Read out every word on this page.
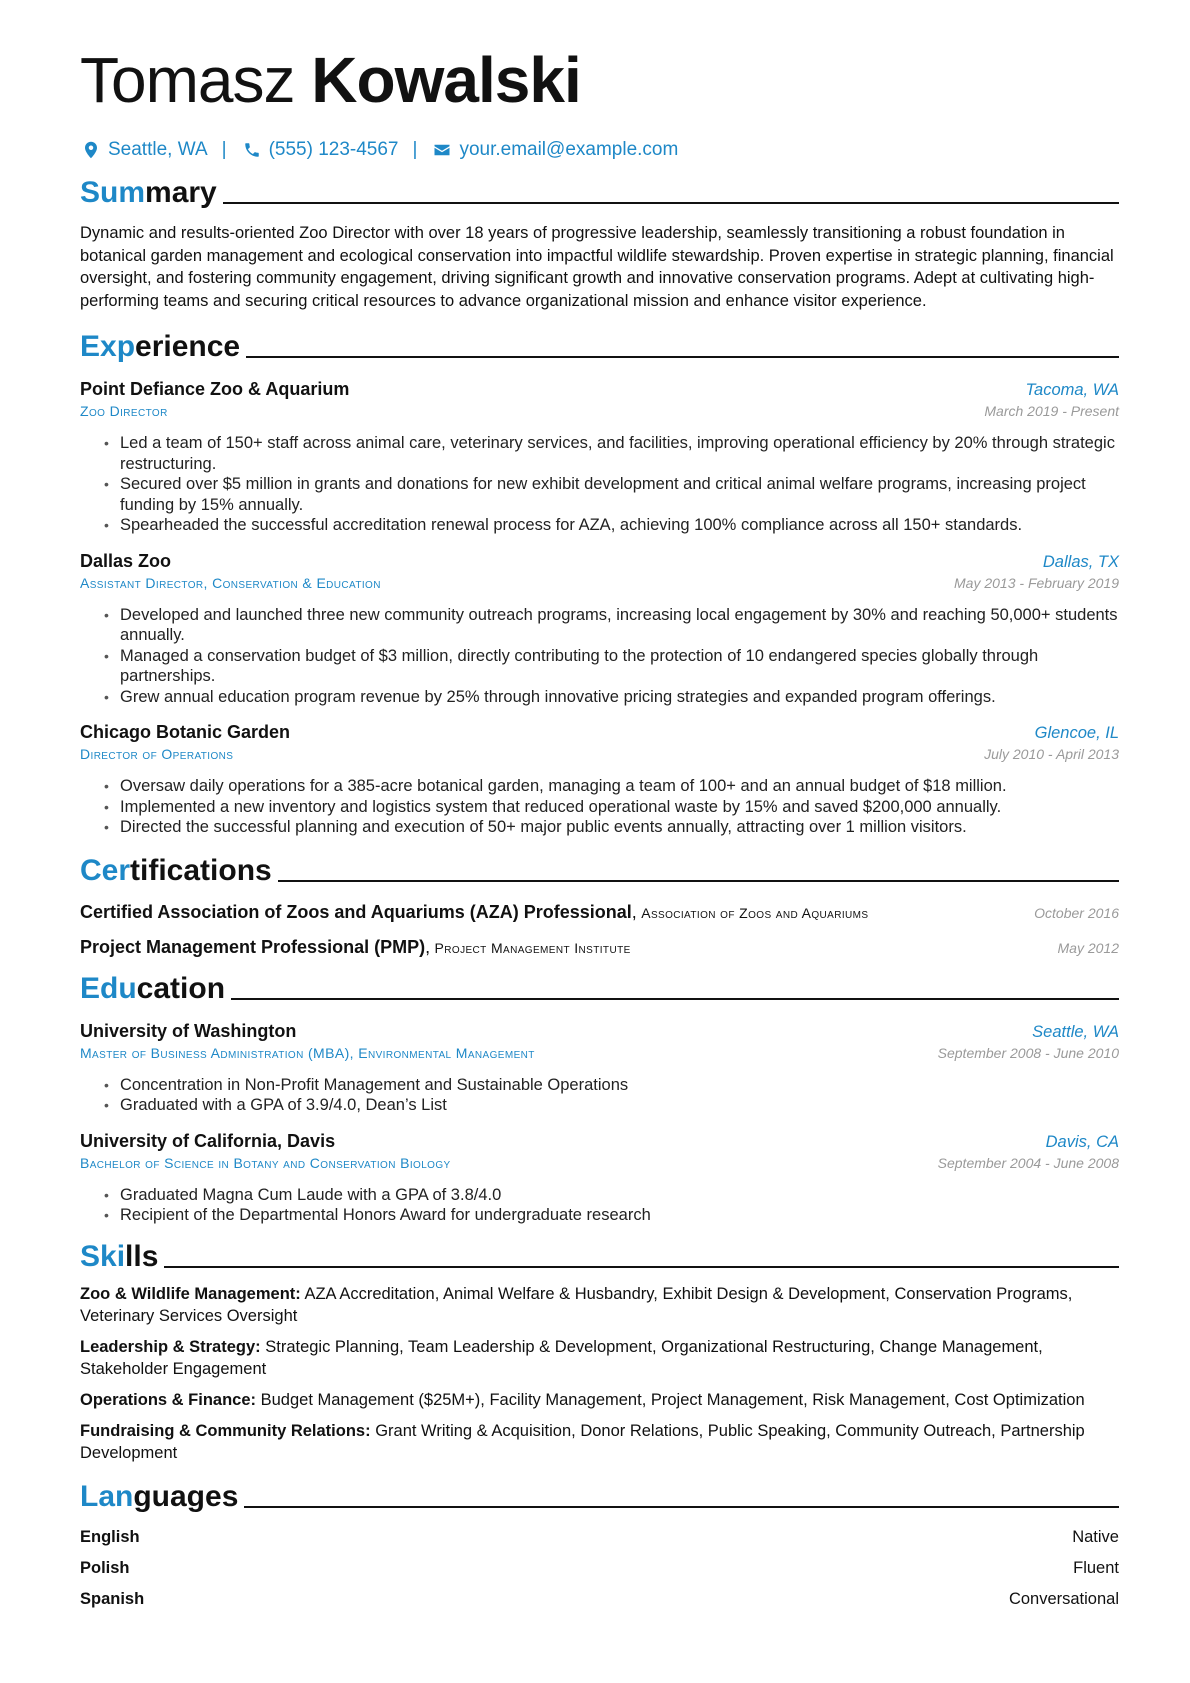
Tomasz Kowalski
Seattle, WA | (555) 123-4567 | your.email@example.com
Summary

Dynamic and results-oriented Zoo Director with over 18 years of progressive leadership, seamlessly transitioning a robust foundation in botanical garden management and ecological conservation into impactful wildlife stewardship. Proven expertise in strategic planning, financial oversight, and fostering community engagement, driving significant growth and innovative conservation programs. Adept at cultivating high-performing teams and securing critical resources to advance organizational mission and enhance visitor experience.

Experience
Point Defiance Zoo & Aquarium	Tacoma, WA
Zoo Director	March 2019 - Present
• Led a team of 150+ staff across animal care, veterinary services, and facilities, improving operational efficiency by 20% through strategic restructuring.
• Secured over $5 million in grants and donations for new exhibit development and critical animal welfare programs, increasing project funding by 15% annually.
• Spearheaded the successful accreditation renewal process for AZA, achieving 100% compliance across all 150+ standards.
Dallas Zoo	Dallas, TX
Assistant Director, Conservation & Education	May 2013 - February 2019
• Developed and launched three new community outreach programs, increasing local engagement by 30% and reaching 50,000+ students annually.
• Managed a conservation budget of $3 million, directly contributing to the protection of 10 endangered species globally through partnerships.
• Grew annual education program revenue by 25% through innovative pricing strategies and expanded program offerings.
Chicago Botanic Garden	Glencoe, IL
Director of Operations	July 2010 - April 2013
• Oversaw daily operations for a 385-acre botanical garden, managing a team of 100+ and an annual budget of $18 million.
• Implemented a new inventory and logistics system that reduced operational waste by 15% and saved $200,000 annually.
• Directed the successful planning and execution of 50+ major public events annually, attracting over 1 million visitors.
Certifications
Certified Association of Zoos and Aquariums (AZA) Professional, Association of Zoos and Aquariums	October 2016
Project Management Professional (PMP), Project Management Institute	May 2012
Education
University of Washington	Seattle, WA
Master of Business Administration (MBA), Environmental Management	September 2008 - June 2010
• Concentration in Non-Profit Management and Sustainable Operations
• Graduated with a GPA of 3.9/4.0, Dean’s List
University of California, Davis	Davis, CA
Bachelor of Science in Botany and Conservation Biology	September 2004 - June 2008
• Graduated Magna Cum Laude with a GPA of 3.8/4.0
• Recipient of the Departmental Honors Award for undergraduate research
Skills

Zoo & Wildlife Management: AZA Accreditation, Animal Welfare & Husbandry, Exhibit Design & Development, Conservation Programs, Veterinary Services Oversight

Leadership & Strategy: Strategic Planning, Team Leadership & Development, Organizational Restructuring, Change Management, Stakeholder Engagement

Operations & Finance: Budget Management ($25M+), Facility Management, Project Management, Risk Management, Cost Optimization

Fundraising & Community Relations: Grant Writing & Acquisition, Donor Relations, Public Speaking, Community Outreach, Partnership Development

Languages
English	Native
Polish	Fluent
Spanish	Conversational
